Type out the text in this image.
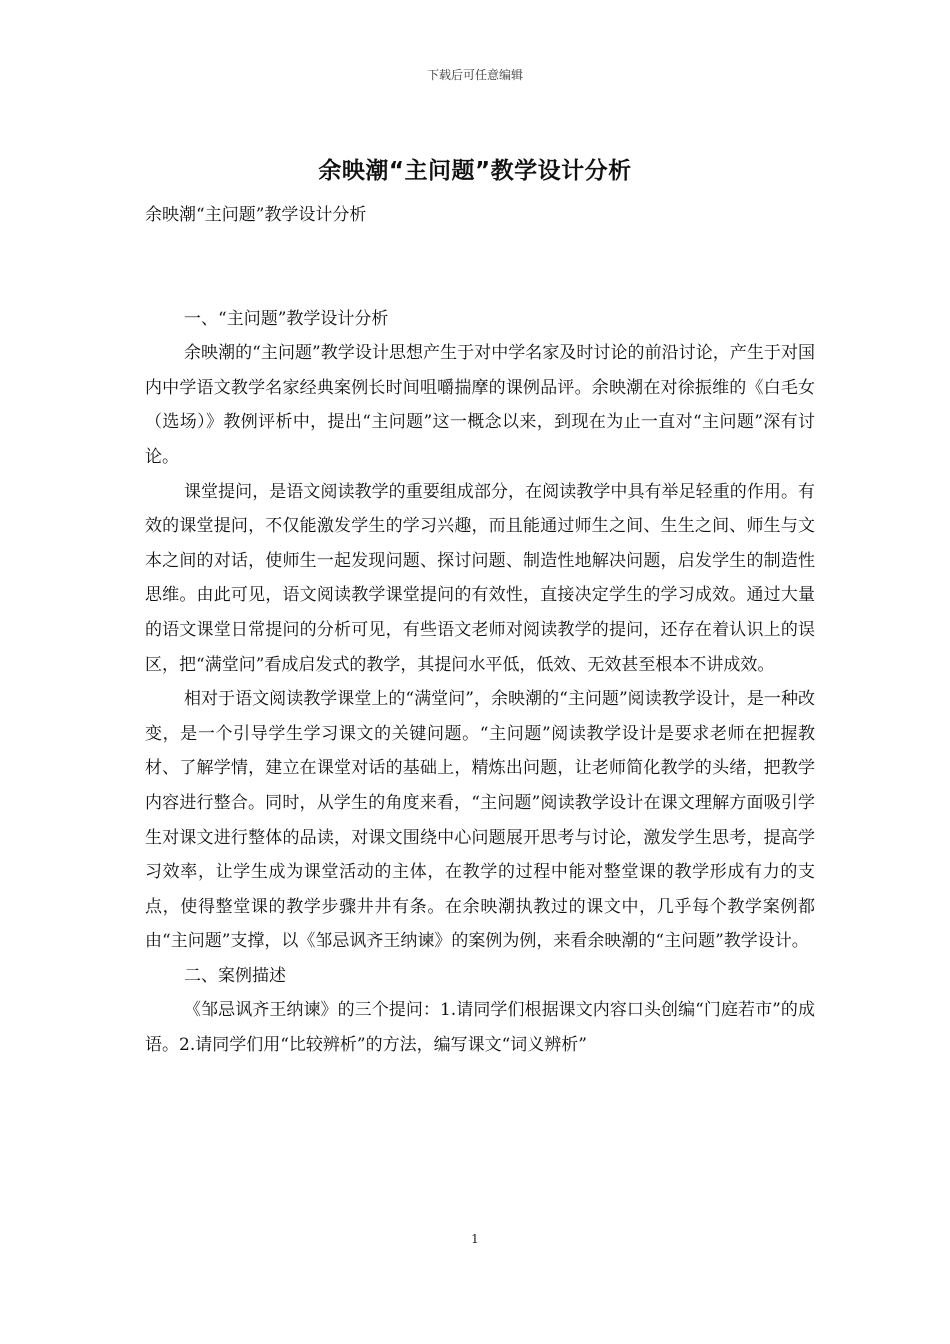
下载后可任意编辑
余映潮“主问题”教学设计分析

余映潮“主问题”教学设计分析

一、“主问题”教学设计分析

余映潮的“主问题”教学设计思想产生于对中学名家及时讨论的前沿讨论，产生于对国内中学语文教学名家经典案例长时间咀嚼揣摩的课例品评。余映潮在对徐振维的《白毛女（选场）》教例评析中，提出“主问题”这一概念以来，到现在为止一直对“主问题”深有讨论。

课堂提问，是语文阅读教学的重要组成部分，在阅读教学中具有举足轻重的作用。有效的课堂提问，不仅能激发学生的学习兴趣，而且能通过师生之间、生生之间、师生与文本之间的对话，使师生一起发现问题、探讨问题、制造性地解决问题，启发学生的制造性思维。由此可见，语文阅读教学课堂提问的有效性，直接决定学生的学习成效。通过大量的语文课堂日常提问的分析可见，有些语文老师对阅读教学的提问，还存在着认识上的误区，把“满堂问”看成启发式的教学，其提问水平低，低效、无效甚至根本不讲成效。

相对于语文阅读教学课堂上的“满堂问”，余映潮的“主问题”阅读教学设计，是一种改变，是一个引导学生学习课文的关键问题。“主问题”阅读教学设计是要求老师在把握教材、了解学情，建立在课堂对话的基础上，精炼出问题，让老师简化教学的头绪，把教学内容进行整合。同时，从学生的角度来看，“主问题”阅读教学设计在课文理解方面吸引学生对课文进行整体的品读，对课文围绕中心问题展开思考与讨论，激发学生思考，提高学习效率，让学生成为课堂活动的主体，在教学的过程中能对整堂课的教学形成有力的支点，使得整堂课的教学步骤井井有条。在余映潮执教过的课文中，几乎每个教学案例都由“主问题”支撑，以《邹忌讽齐王纳谏》的案例为例，来看余映潮的“主问题”教学设计。

二、案例描述

《邹忌讽齐王纳谏》的三个提问：1.请同学们根据课文内容口头创编“门庭若市”的成语。2.请同学们用“比较辨析”的方法，编写课文“词义辨析”

1
